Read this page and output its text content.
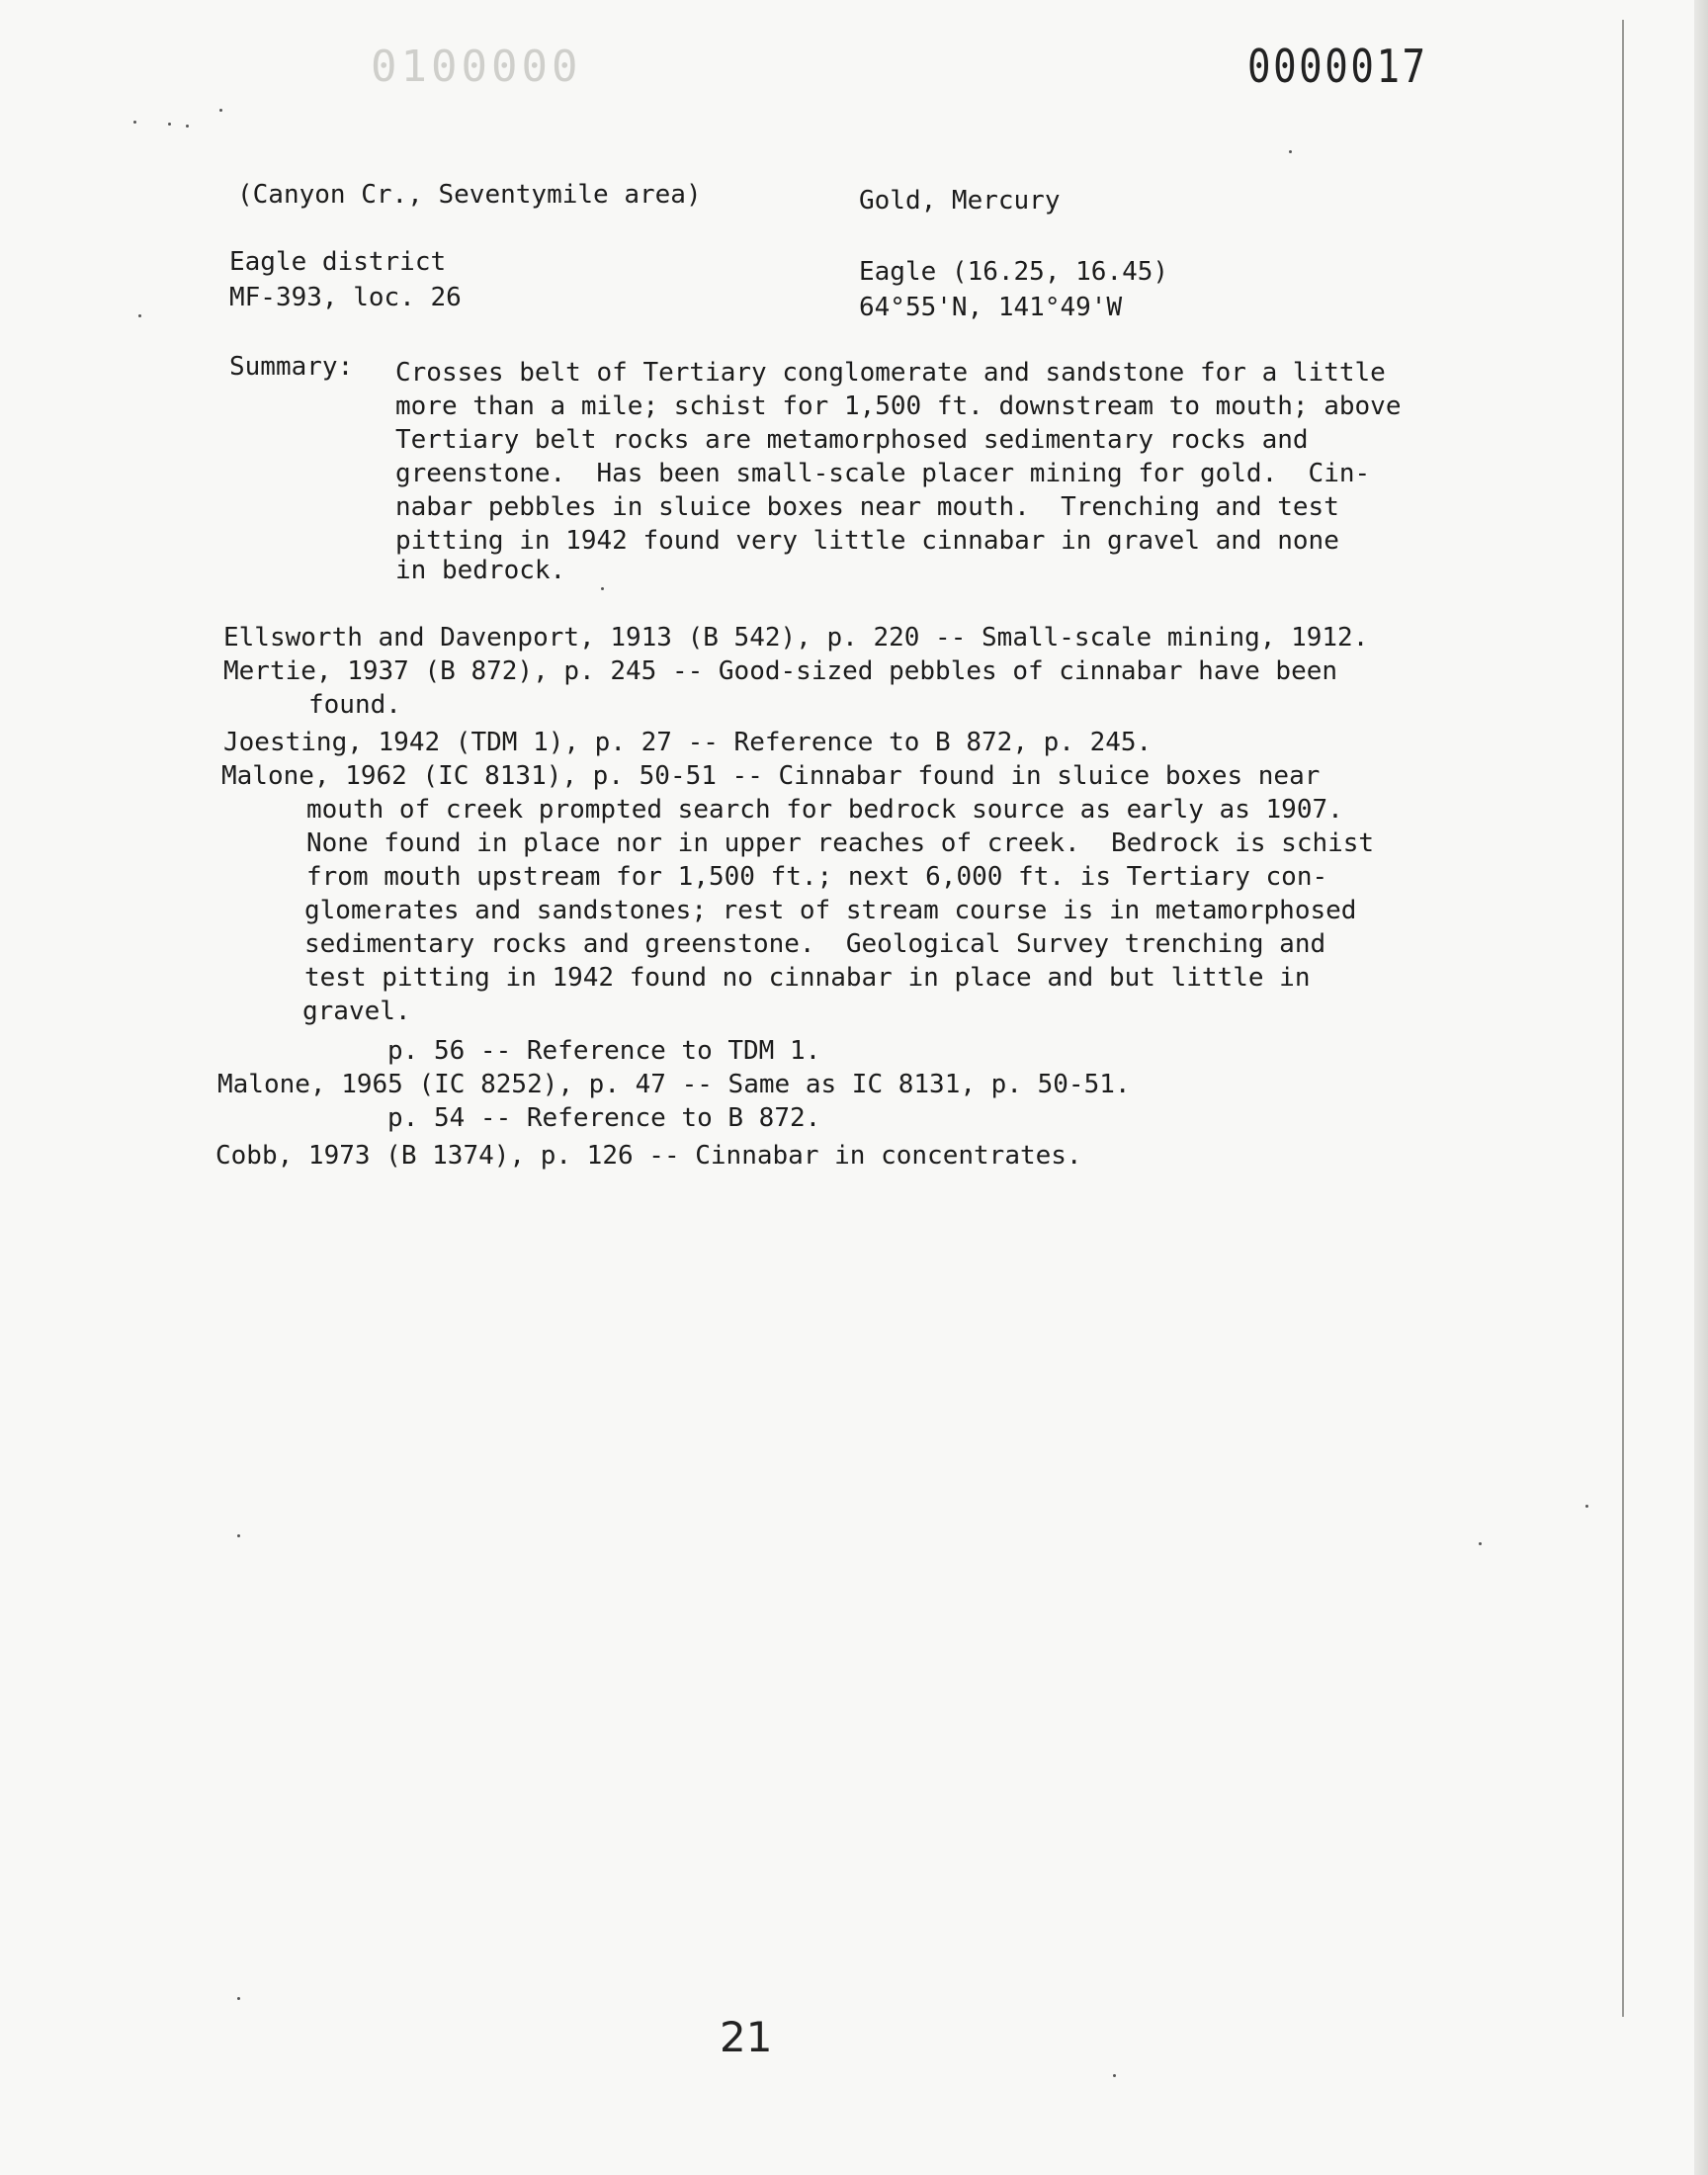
0100000	0000017
(Canyon Cr., Seventymile area)	Gold, Mercury
Eagle district	Eagle (16.25, 16.45)
MF-393, loc. 26	64°55'N, 141°49'W
Summary: Crosses belt of Tertiary conglomerate and sandstone for a little
more than a mile; schist for 1,500 ft. downstream to mouth; above
Tertiary belt rocks are metamorphosed sedimentary rocks and
greenstone.  Has been small-scale placer mining for gold.  Cin-
nabar pebbles in sluice boxes near mouth.  Trenching and test
pitting in 1942 found very little cinnabar in gravel and none
in bedrock.
Ellsworth and Davenport, 1913 (B 542), p. 220 -- Small-scale mining, 1912.
Mertie, 1937 (B 872), p. 245 -- Good-sized pebbles of cinnabar have been
found.
Joesting, 1942 (TDM 1), p. 27 -- Reference to B 872, p. 245.
Malone, 1962 (IC 8131), p. 50-51 -- Cinnabar found in sluice boxes near
mouth of creek prompted search for bedrock source as early as 1907.
None found in place nor in upper reaches of creek.  Bedrock is schist
from mouth upstream for 1,500 ft.; next 6,000 ft. is Tertiary con-
glomerates and sandstones; rest of stream course is in metamorphosed
sedimentary rocks and greenstone.  Geological Survey trenching and
test pitting in 1942 found no cinnabar in place and but little in
gravel.
p. 56 -- Reference to TDM 1.
Malone, 1965 (IC 8252), p. 47 -- Same as IC 8131, p. 50-51.
p. 54 -- Reference to B 872.
Cobb, 1973 (B 1374), p. 126 -- Cinnabar in concentrates.
21
